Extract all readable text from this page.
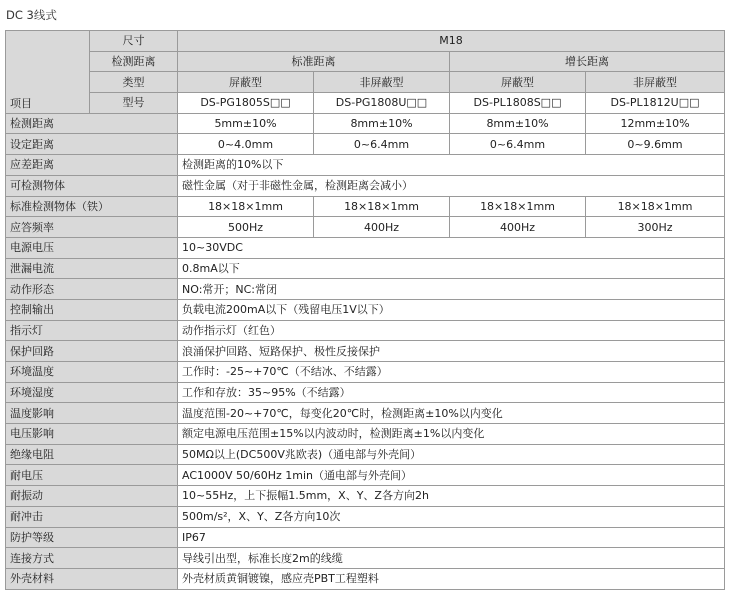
DC 3线式
项目	尺寸	M18			
	检测距离	标准距离		增长距离	
	类型	屏蔽型	非屏蔽型	屏蔽型	非屏蔽型
	型号	DS-PG1805S□□	DS-PG1808U□□	DS-PL1808S□□	DS-PL1812U□□
检测距离		5mm±10%	8mm±10%	8mm±10%	12mm±10%
设定距离		0~4.0mm	0~6.4mm	0~6.4mm	0~9.6mm
应差距离		检测距离的10%以下			
可检测物体		磁性金属（对于非磁性金属，检测距离会减小）			
标准检测物体（铁）		18×18×1mm	18×18×1mm	18×18×1mm	18×18×1mm
应答频率		500Hz	400Hz	400Hz	300Hz
电源电压		10~30VDC			
泄漏电流		0.8mA以下			
动作形态		NO:常开；NC:常闭			
控制输出		负载电流200mA以下（残留电压1V以下）			
指示灯		动作指示灯（红色）			
保护回路		浪涌保护回路、短路保护、极性反接保护			
环境温度		工作时：-25~+70℃（不结冰、不结露）			
环境湿度		工作和存放：35~95%（不结露）			
温度影响		温度范围-20~+70℃，每变化20℃时，检测距离±10%以内变化			
电压影响		额定电源电压范围±15%以内波动时，检测距离±1%以内变化			
绝缘电阻		50MΩ以上(DC500V兆欧表)（通电部与外壳间）			
耐电压		AC1000V 50/60Hz 1min（通电部与外壳间）			
耐振动		10~55Hz，上下振幅1.5mm，X、Y、Z各方向2h			
耐冲击		500m/s²，X、Y、Z各方向10次			
防护等级		IP67			
连接方式		导线引出型，标准长度2m的线缆			
外壳材料		外壳材质黄铜镀镍，感应壳PBT工程塑料			
